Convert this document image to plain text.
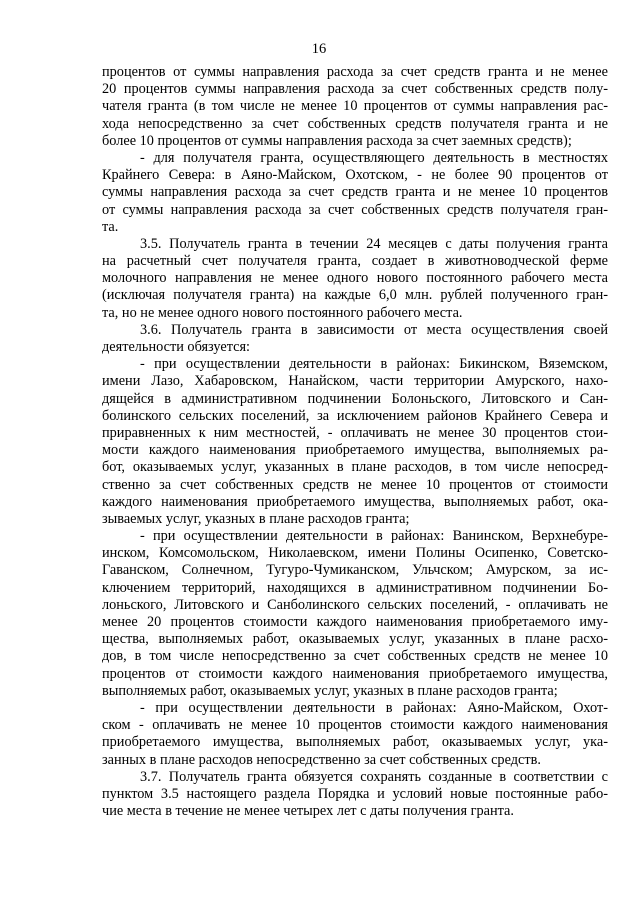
16
процентов от суммы направления расхода за счет средств гранта и не менее
20 процентов суммы направления расхода за счет собственных средств полу-
чателя гранта (в том числе не менее 10 процентов от суммы направления рас-
хода непосредственно за счет собственных средств получателя гранта и не
более 10 процентов от суммы направления расхода за счет заемных средств);
- для получателя гранта, осуществляющего деятельность в местностях
Крайнего Севера: в Аяно-Майском, Охотском, - не более 90 процентов от
суммы направления расхода за счет средств гранта и не менее 10 процентов
от суммы направления расхода за счет собственных средств получателя гран-
та.
3.5. Получатель гранта в течении 24 месяцев с даты получения гранта
на расчетный счет получателя гранта, создает в животноводческой ферме
молочного направления не менее одного нового постоянного рабочего места
(исключая получателя гранта) на каждые 6,0 млн. рублей полученного гран-
та, но не менее одного нового постоянного рабочего места.
3.6. Получатель гранта в зависимости от места осуществления своей
деятельности обязуется:
- при осуществлении деятельности в районах: Бикинском, Вяземском,
имени Лазо, Хабаровском, Нанайском, части территории Амурского, нахо-
дящейся в административном подчинении Болоньского, Литовского и Сан-
болинского сельских поселений, за исключением районов Крайнего Севера и
приравненных к ним местностей, - оплачивать не менее 30 процентов стои-
мости каждого наименования приобретаемого имущества, выполняемых ра-
бот, оказываемых услуг, указанных в плане расходов, в том числе непосред-
ственно за счет собственных средств не менее 10 процентов от стоимости
каждого наименования приобретаемого имущества, выполняемых работ, ока-
зываемых услуг, указных в плане расходов гранта;
- при осуществлении деятельности в районах: Ванинском, Верхнебуре-
инском, Комсомольском, Николаевском, имени Полины Осипенко, Советско-
Гаванском, Солнечном, Тугуро-Чумиканском, Ульчском; Амурском, за ис-
ключением территорий, находящихся в административном подчинении Бо-
лоньского, Литовского и Санболинского сельских поселений, - оплачивать не
менее 20 процентов стоимости каждого наименования приобретаемого иму-
щества, выполняемых работ, оказываемых услуг, указанных в плане расхо-
дов, в том числе непосредственно за счет собственных средств не менее 10
процентов от стоимости каждого наименования приобретаемого имущества,
выполняемых работ, оказываемых услуг, указных в плане расходов гранта;
- при осуществлении деятельности в районах: Аяно-Майском, Охот-
ском - оплачивать не менее 10 процентов стоимости каждого наименования
приобретаемого имущества, выполняемых работ, оказываемых услуг, ука-
занных в плане расходов непосредственно за счет собственных средств.
3.7. Получатель гранта обязуется сохранять созданные в соответствии с
пунктом 3.5 настоящего раздела Порядка и условий новые постоянные рабо-
чие места в течение не менее четырех лет с даты получения гранта.
